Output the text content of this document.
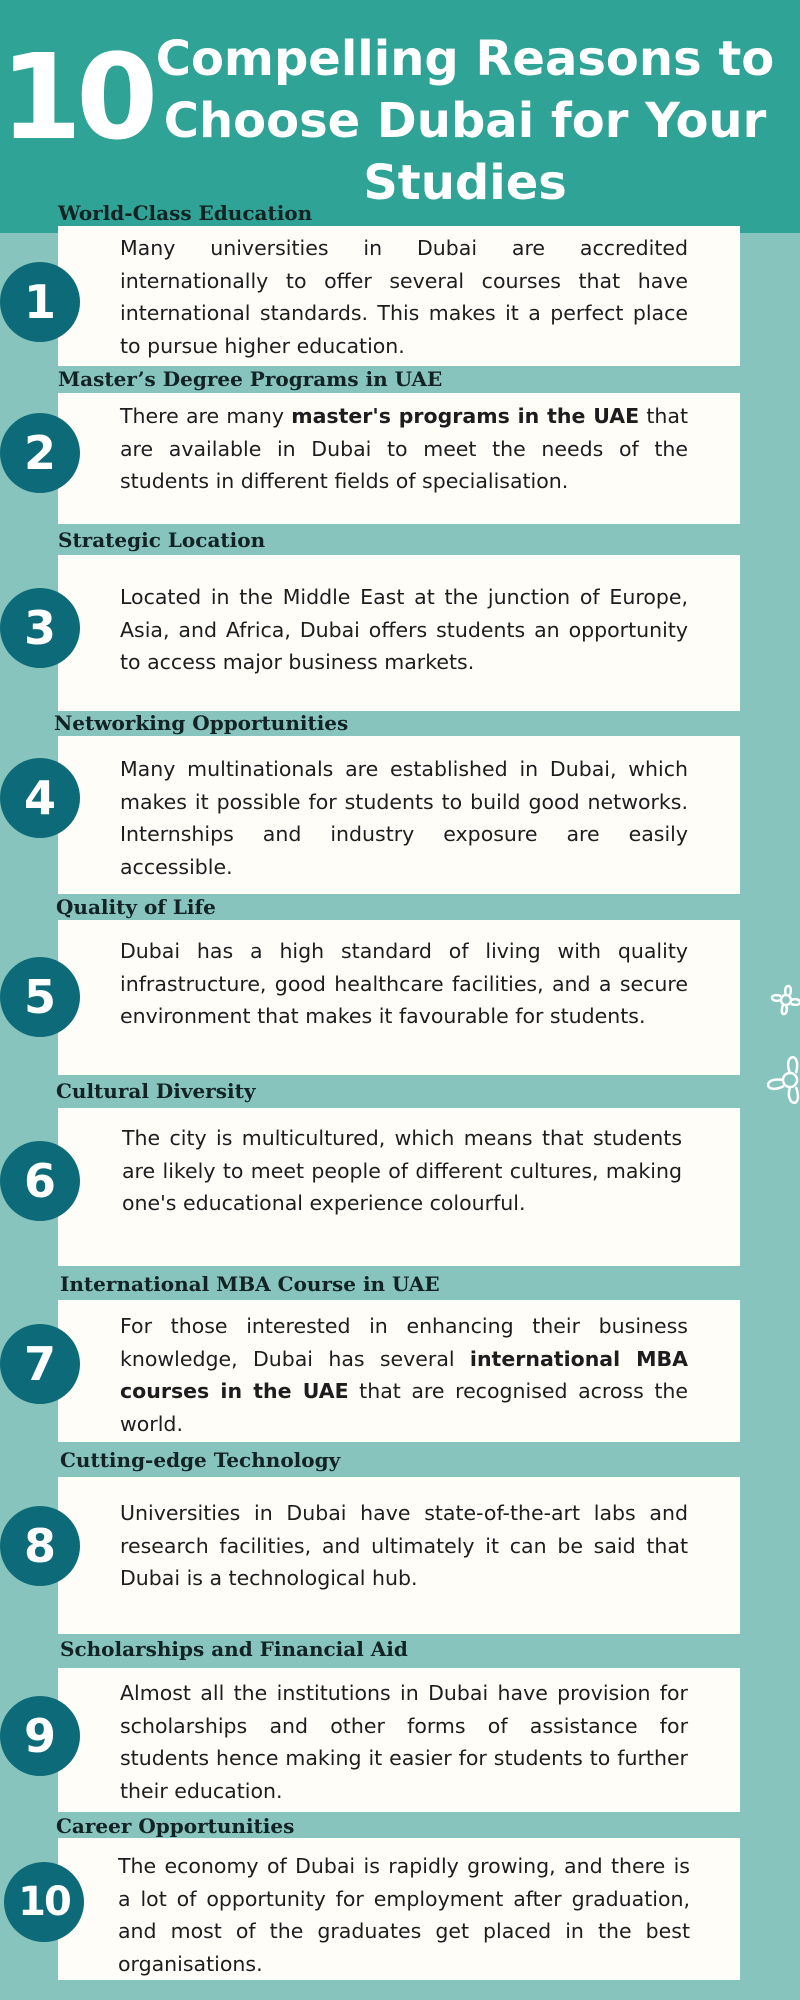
10 Compelling Reasons to Choose Dubai for Your Studies
World-Class Education
Many universities in Dubai are accredited internationally to offer several courses that have international standards. This makes it a perfect place to pursue higher education.
1
Master’s Degree Programs in UAE
There are many master's programs in the UAE that are available in Dubai to meet the needs of the students in different fields of specialisation.
2
Strategic Location
Located in the Middle East at the junction of Europe, Asia, and Africa, Dubai offers students an opportunity to access major business markets.
3
Networking Opportunities
Many multinationals are established in Dubai, which makes it possible for students to build good networks. Internships and industry exposure are easily accessible.
4
Quality of Life
Dubai has a high standard of living with quality infrastructure, good healthcare facilities, and a secure environment that makes it favourable for students.
5
Cultural Diversity
The city is multicultured, which means that students are likely to meet people of different cultures, making one's educational experience colourful.
6
International MBA Course in UAE
For those interested in enhancing their business knowledge, Dubai has several international MBA courses in the UAE that are recognised across the world.
7
Cutting-edge Technology
Universities in Dubai have state-of-the-art labs and research facilities, and ultimately it can be said that Dubai is a technological hub.
8
Scholarships and Financial Aid
Almost all the institutions in Dubai have provision for scholarships and other forms of assistance for students hence making it easier for students to further their education.
9
Career Opportunities
The economy of Dubai is rapidly growing, and there is a lot of opportunity for employment after graduation, and most of the graduates get placed in the best organisations.
10
